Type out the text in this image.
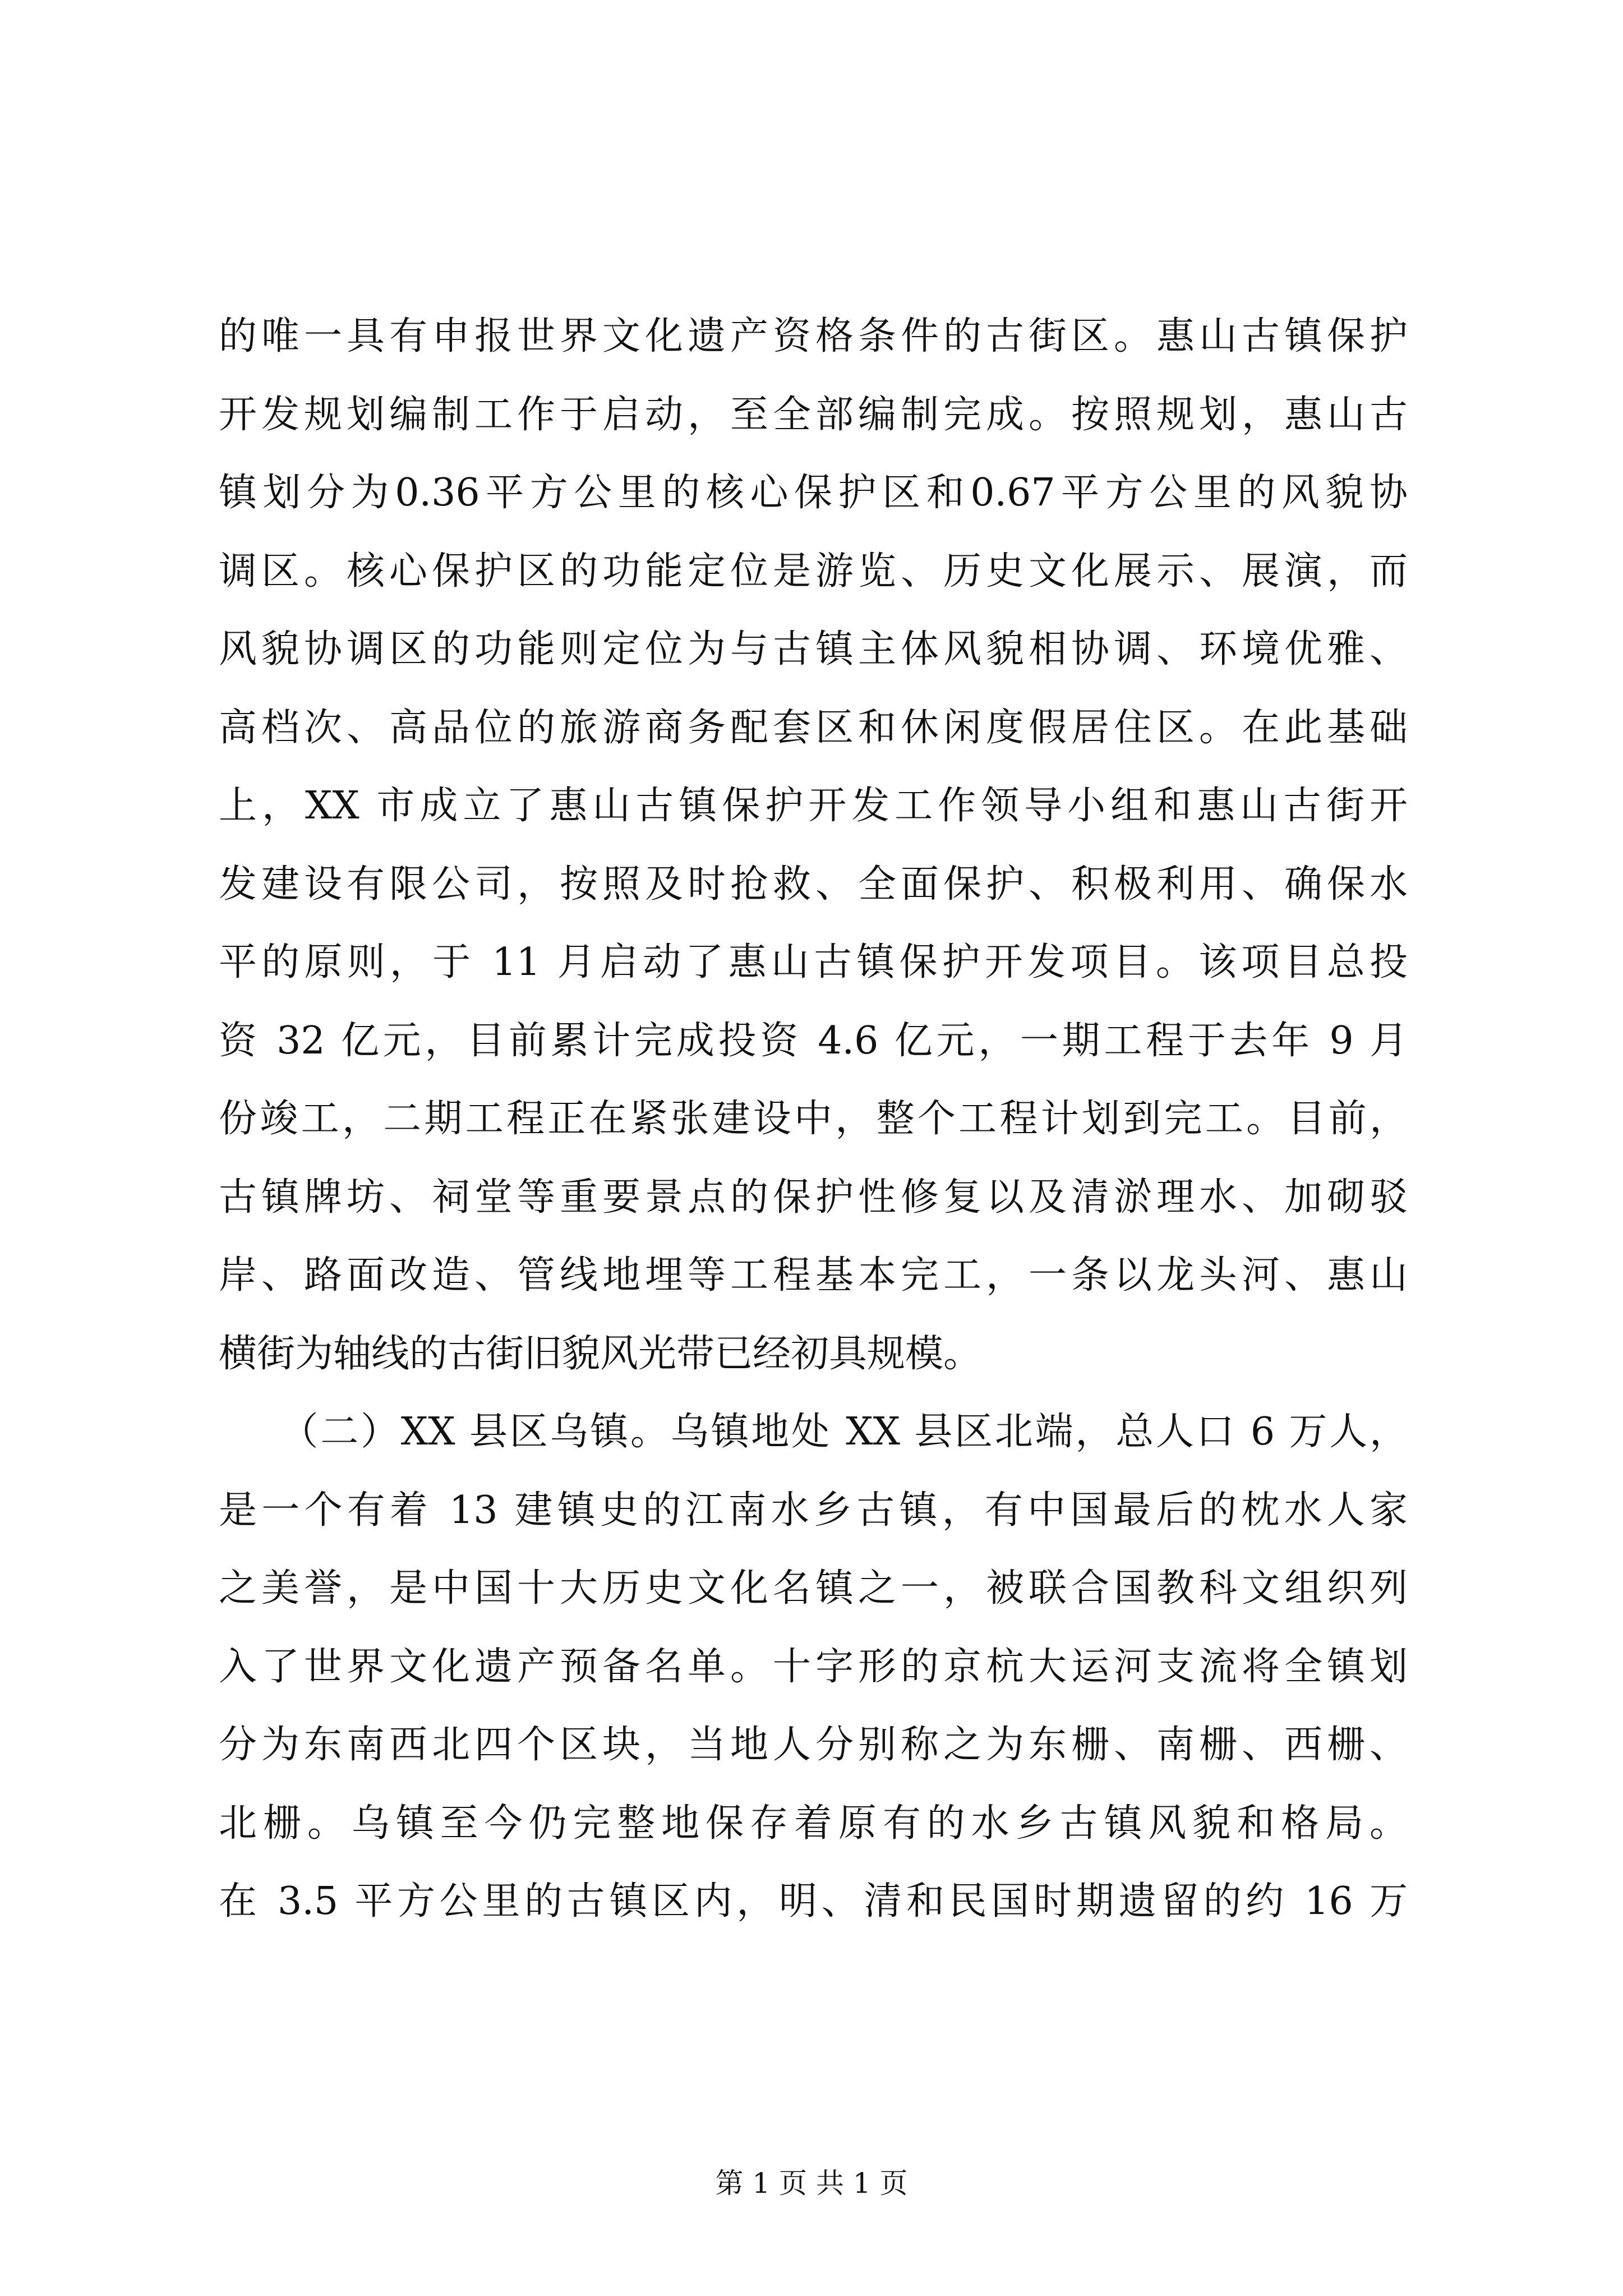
的唯一具有申报世界文化遗产资格条件的古街区。惠山古镇保护
开发规划编制工作于启动，至全部编制完成。按照规划，惠山古
镇划分为0.36平方公里的核心保护区和0.67平方公里的风貌协
调区。核心保护区的功能定位是游览、历史文化展示、展演，而
风貌协调区的功能则定位为与古镇主体风貌相协调、环境优雅、
高档次、高品位的旅游商务配套区和休闲度假居住区。在此基础
上，XX 市成立了惠山古镇保护开发工作领导小组和惠山古街开
发建设有限公司，按照及时抢救、全面保护、积极利用、确保水
平的原则，于 11 月启动了惠山古镇保护开发项目。该项目总投
资 32 亿元，目前累计完成投资 4.6 亿元，一期工程于去年 9 月
份竣工，二期工程正在紧张建设中，整个工程计划到完工。目前，
古镇牌坊、祠堂等重要景点的保护性修复以及清淤理水、加砌驳
岸、路面改造、管线地埋等工程基本完工，一条以龙头河、惠山
横街为轴线的古街旧貌风光带已经初具规模。
　　（二）XX 县区乌镇。乌镇地处 XX 县区北端，总人口 6 万人，
是一个有着 13 建镇史的江南水乡古镇，有中国最后的枕水人家
之美誉，是中国十大历史文化名镇之一，被联合国教科文组织列
入了世界文化遗产预备名单。十字形的京杭大运河支流将全镇划
分为东南西北四个区块，当地人分别称之为东栅、南栅、西栅、
北栅。乌镇至今仍完整地保存着原有的水乡古镇风貌和格局。
在 3.5 平方公里的古镇区内，明、清和民国时期遗留的约 16 万
第 1 页 共 1 页
